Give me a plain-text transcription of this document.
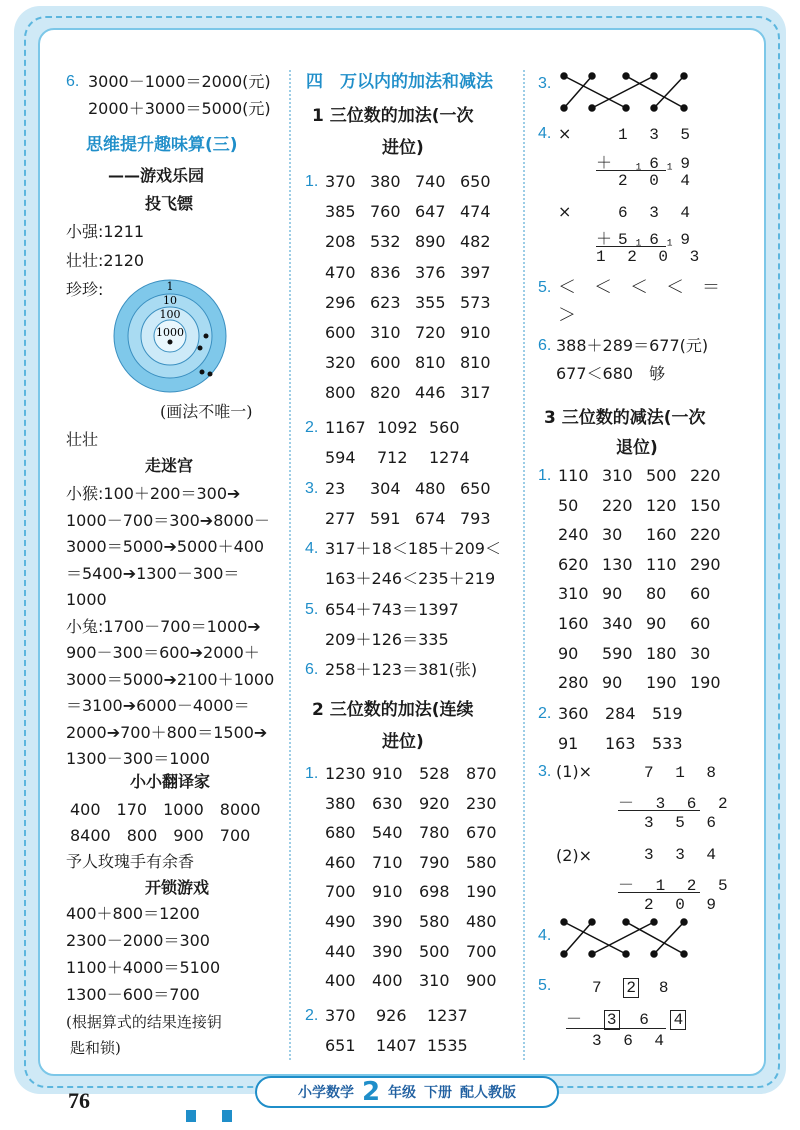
6. 3000－1000＝2000(元)
2000＋3000＝5000(元)
思维提升趣味算(三)
——游戏乐园
投飞镖
小强:1211
壮壮:2120
珍珍:	1
10
100
1000
(画法不唯一)
壮壮
走迷宫
小猴:100＋200＝300➔
1000－700＝300➔8000－
3000＝5000➔5000＋400
＝5400➔1300－300＝
1000
小兔:1700－700＝1000➔
900－300＝600➔2000＋
3000＝5000➔2100＋1000
＝3100➔6000－4000＝
2000➔700＋800＝1500➔
1300－300＝1000
小小翻译家
400　170　1000　8000
8400　800　900　700
予人玫瑰手有余香
开锁游戏
400＋800＝1200
2300－2000＝300
1100＋4000＝5100
1300－600＝700
(根据算式的结果连接钥
匙和锁)
四　万以内的加法和减法
1 三位数的加法(一次
进位)
1. 370 380 740 650
385 760 647 474
208 532 890 482
470 836 376 397
296 623 355 573
600 310 720 910
320 600 810 810
800 820 446 317
2. 1167 1092 560
594 712 1274
3. 23 304 480 650
277 591 674 793
4. 317＋18＜185＋209＜
163＋246＜235＋219
5. 654＋743＝1397
209＋126＝335
6. 258＋123＝381(张)
2 三位数的加法(连续
进位)
1. 1230 910 528 870
380 630 920 230
680 540 780 670
460 710 790 580
700 910 698 190
490 390 580 480
440 390 500 700
400 400 310 900
2. 370 926 1237
651 1407 1535
3.
4. ×	1 3 5
＋ ₁6₁9
2 0 4
×	6 3 4
＋5₁6₁9
1 2 0 3
5. ＜　＜　＜　＜　＝
＞
6. 388＋289＝677(元)
677＜680　够
3 三位数的减法(一次
退位)
1. 110 310 500 220
50 220 120 150
240 30 160 220
620 130 110 290
310 90 80 60
160 340 90 60
90 590 180 30
280 90 190 190
2. 360 284 519
91 163 533
3. (1)×	7 1 8
－ 3 6 2
3 5 6
(2)×	3 3 4
－ 1 2 5
2 0 9
4.
5.	7 2 8
－ 3 6 4
3 6 4
76	小学数学 2 年级 下册 配人教版
